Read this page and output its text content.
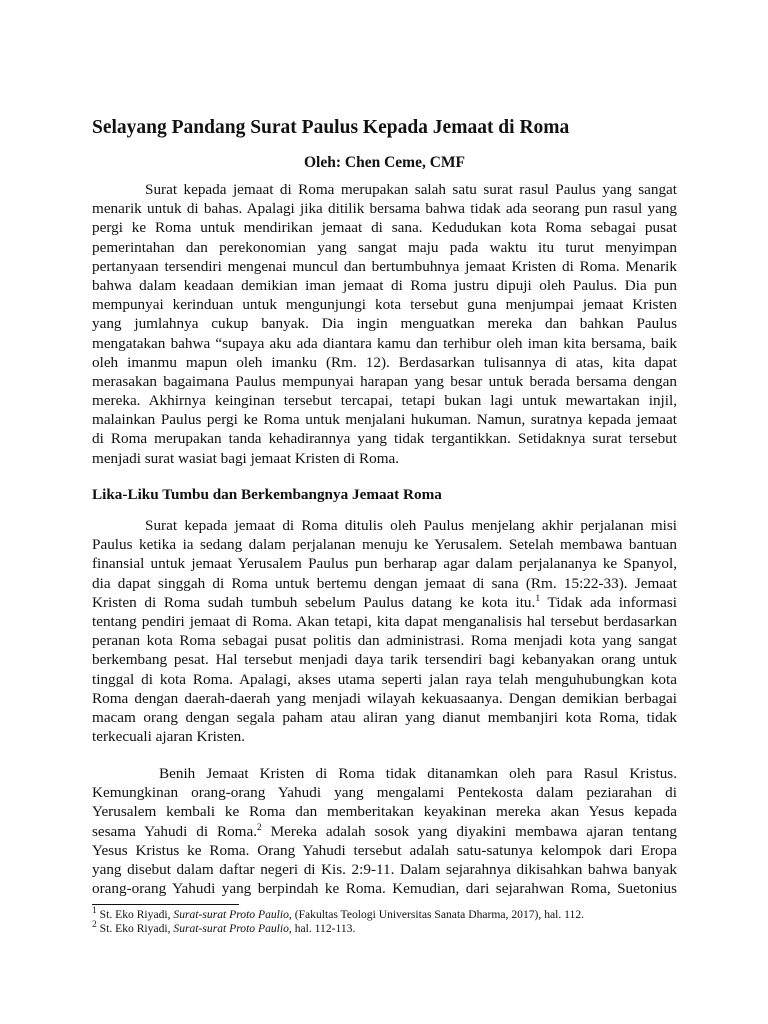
Selayang Pandang Surat Paulus Kepada Jemaat di Roma

Oleh: Chen Ceme, CMF

Surat kepada jemaat di Roma merupakan salah satu surat rasul Paulus yang sangat
menarik untuk di bahas. Apalagi jika ditilik bersama bahwa tidak ada seorang pun rasul yang
pergi ke Roma untuk mendirikan jemaat di sana. Kedudukan kota Roma sebagai pusat
pemerintahan dan perekonomian yang sangat maju pada waktu itu turut menyimpan
pertanyaan tersendiri mengenai muncul dan bertumbuhnya jemaat Kristen di Roma. Menarik
bahwa dalam keadaan demikian iman jemaat di Roma justru dipuji oleh Paulus. Dia pun
mempunyai kerinduan untuk mengunjungi kota tersebut guna menjumpai jemaat Kristen
yang jumlahnya cukup banyak. Dia ingin menguatkan mereka dan bahkan Paulus
mengatakan bahwa “supaya aku ada diantara kamu dan terhibur oleh iman kita bersama, baik
oleh imanmu mapun oleh imanku (Rm. 12). Berdasarkan tulisannya di atas, kita dapat
merasakan bagaimana Paulus mempunyai harapan yang besar untuk berada bersama dengan
mereka. Akhirnya keinginan tersebut tercapai, tetapi bukan lagi untuk mewartakan injil,
malainkan Paulus pergi ke Roma untuk menjalani hukuman. Namun, suratnya kepada jemaat
di Roma merupakan tanda kehadirannya yang tidak tergantikkan. Setidaknya surat tersebut
menjadi surat wasiat bagi jemaat Kristen di Roma.
Lika-Liku Tumbu dan Berkembangnya Jemaat Roma
Surat kepada jemaat di Roma ditulis oleh Paulus menjelang akhir perjalanan misi
Paulus ketika ia sedang dalam perjalanan menuju ke Yerusalem. Setelah membawa bantuan
finansial untuk jemaat Yerusalem Paulus pun berharap agar dalam perjalananya ke Spanyol,
dia dapat singgah di Roma untuk bertemu dengan jemaat di sana (Rm. 15:22-33). Jemaat
Kristen di Roma sudah tumbuh sebelum Paulus datang ke kota itu.$^1$ Tidak ada informasi
tentang pendiri jemaat di Roma. Akan tetapi, kita dapat menganalisis hal tersebut berdasarkan
peranan kota Roma sebagai pusat politis dan administrasi. Roma menjadi kota yang sangat
berkembang pesat. Hal tersebut menjadi daya tarik tersendiri bagi kebanyakan orang untuk
tinggal di kota Roma. Apalagi, akses utama seperti jalan raya telah menguhubungkan kota
Roma dengan daerah-daerah yang menjadi wilayah kekuasaanya. Dengan demikian berbagai
macam orang dengan segala paham atau aliran yang dianut membanjiri kota Roma, tidak
terkecuali ajaran Kristen.
Benih Jemaat Kristen di Roma tidak ditanamkan oleh para Rasul Kristus.
Kemungkinan orang-orang Yahudi yang mengalami Pentekosta dalam peziarahan di
Yerusalem kembali ke Roma dan memberitakan keyakinan mereka akan Yesus kepada
sesama Yahudi di Roma.$^2$ Mereka adalah sosok yang diyakini membawa ajaran tentang
Yesus Kristus ke Roma. Orang Yahudi tersebut adalah satu-satunya kelompok dari Eropa
yang disebut dalam daftar negeri di Kis. 2:9-11. Dalam sejarahnya dikisahkan bahwa banyak
orang-orang Yahudi yang berpindah ke Roma. Kemudian, dari sejarahwan Roma, Suetonius

$^1$ St. Eko Riyadi, Surat-surat Proto Paulio, (Fakultas Teologi Universitas Sanata Dharma, 2017), hal. 112.

$^2$ St. Eko Riyadi, Surat-surat Proto Paulio, hal. 112-113.
